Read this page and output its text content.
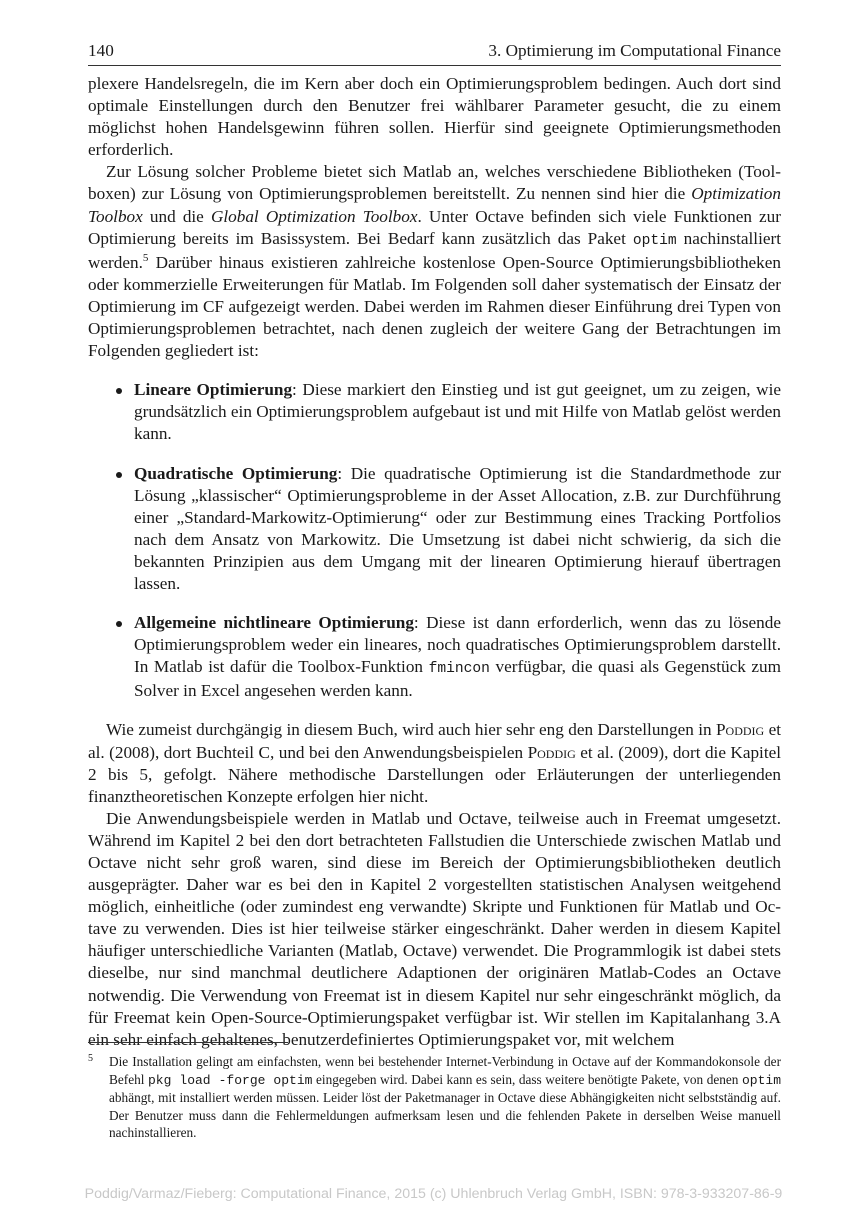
140	3. Optimierung im Computational Finance

plexere Handelsregeln, die im Kern aber doch ein Optimierungsproblem bedingen. Auch dort sind optimale Einstellungen durch den Benutzer frei wählbarer Parameter gesucht, die zu einem möglichst hohen Handelsgewinn führen sollen. Hierfür sind geeignete Optimierungsmethoden erforderlich.

Zur Lösung solcher Probleme bietet sich Matlab an, welches verschiedene Bibliotheken (Toolboxen) zur Lösung von Optimierungsproblemen bereitstellt. Zu nennen sind hier die Optimization Toolbox und die Global Optimization Toolbox. Unter Octave befinden sich viele Funktionen zur Optimierung bereits im Basissystem. Bei Bedarf kann zusätzlich das Paket optim nachinstalliert werden.$^5$ Darüber hinaus existieren zahlreiche kostenlose Open-Source Optimierungsbibliotheken oder kommerzielle Erweiterungen für Matlab. Im Folgenden soll daher systematisch der Einsatz der Optimierung im CF aufgezeigt werden. Dabei werden im Rahmen dieser Einführung drei Typen von Optimierungsproblemen betrachtet, nach denen zugleich der weitere Gang der Betrachtungen im Folgenden gegliedert ist:

Lineare Optimierung: Diese markiert den Einstieg und ist gut geeignet, um zu zeigen, wie grundsätzlich ein Optimierungsproblem aufgebaut ist und mit Hilfe von Matlab gelöst werden kann.
Quadratische Optimierung: Die quadratische Optimierung ist die Standardmethode zur Lösung „klassischer“ Optimierungsprobleme in der Asset Allocation, z.B. zur Durchführung einer „Standard-Markowitz-Optimierung“ oder zur Bestimmung eines Tracking Portfolios nach dem Ansatz von Markowitz. Die Umsetzung ist dabei nicht schwierig, da sich die bekannten Prinzipien aus dem Umgang mit der linearen Optimierung hierauf übertragen lassen.
Allgemeine nichtlineare Optimierung: Diese ist dann erforderlich, wenn das zu lösende Optimierungsproblem weder ein lineares, noch quadratisches Optimierungsproblem darstellt. In Matlab ist dafür die Toolbox-Funktion fmincon verfügbar, die quasi als Gegenstück zum Solver in Excel angesehen werden kann.

Wie zumeist durchgängig in diesem Buch, wird auch hier sehr eng den Darstellungen in Poddig et al. (2008), dort Buchteil C, und bei den Anwendungsbeispielen Poddig et al. (2009), dort die Kapitel 2 bis 5, gefolgt. Nähere methodische Darstellungen oder Erläuterungen der unterliegenden finanztheoretischen Konzepte erfolgen hier nicht.

Die Anwendungsbeispiele werden in Matlab und Octave, teilweise auch in Freemat umgesetzt. Während im Kapitel 2 bei den dort betrachteten Fallstudien die Unterschiede zwischen Matlab und Octave nicht sehr groß waren, sind diese im Bereich der Optimierungsbibliotheken deutlich ausgeprägter. Daher war es bei den in Kapitel 2 vorgestellten statistischen Analysen weitgehend möglich, einheitliche (oder zumindest eng verwandte) Skripte und Funktionen für Matlab und Octave zu verwenden. Dies ist hier teilweise stärker eingeschränkt. Daher werden in diesem Kapitel häufiger unterschiedliche Varianten (Matlab, Octave) verwendet. Die Programmlogik ist dabei stets dieselbe, nur sind manchmal deutlichere Adaptionen der originären Matlab-Codes an Octave notwendig. Die Verwendung von Freemat ist in diesem Kapitel nur sehr eingeschränkt möglich, da für Freemat kein Open-Source-Optimierungspaket verfügbar ist. Wir stellen im Kapitalanhang 3.A ein sehr einfach gehaltenes, benutzerdefiniertes Optimierungspaket vor, mit welchem

5 Die Installation gelingt am einfachsten, wenn bei bestehender Internet-Verbindung in Octave auf der Kommandokonsole der Befehl pkg load -forge optim eingegeben wird. Dabei kann es sein, dass weitere benötigte Pakete, von denen optim abhängt, mit installiert werden müssen. Leider löst der Paketmanager in Octave diese Abhängigkeiten nicht selbstständig auf. Der Benutzer muss dann die Fehlermeldungen aufmerksam lesen und die fehlenden Pakete in derselben Weise manuell nachinstallieren.
Poddig/Varmaz/Fieberg: Computational Finance, 2015 (c) Uhlenbruch Verlag GmbH, ISBN: 978-3-933207-86-9
